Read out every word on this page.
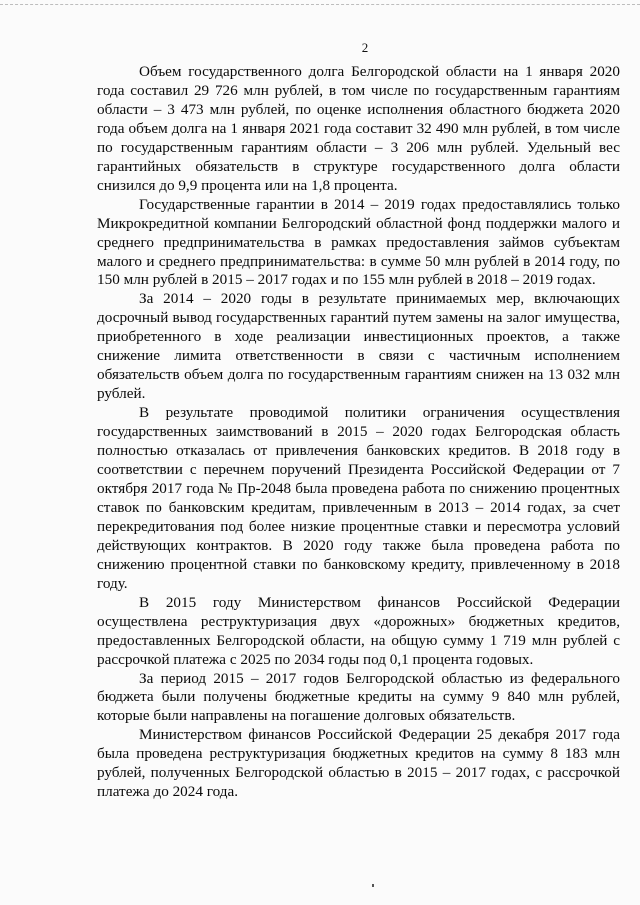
2

Объем государственного долга Белгородской области на 1 января 2020 года составил 29 726 млн рублей, в том числе по государственным гарантиям области – 3 473 млн рублей, по оценке исполнения областного бюджета 2020 года объем долга на 1 января 2021 года составит 32 490 млн рублей, в том числе по государственным гарантиям области – 3 206 млн рублей. Удельный вес гарантийных обязательств в структуре государственного долга области снизился до 9,9 процента или на 1,8 процента.

Государственные гарантии в 2014 – 2019 годах предоставлялись только Микрокредитной компании Белгородский областной фонд поддержки малого и среднего предпринимательства в рамках предоставления займов субъектам малого и среднего предпринимательства: в сумме 50 млн рублей в 2014 году, по 150 млн рублей в 2015 – 2017 годах и по 155 млн рублей в 2018 – 2019 годах.

За 2014 – 2020 годы в результате принимаемых мер, включающих досрочный вывод государственных гарантий путем замены на залог имущества, приобретенного в ходе реализации инвестиционных проектов, а также снижение лимита ответственности в связи с частичным исполнением обязательств объем долга по государственным гарантиям снижен на 13 032 млн рублей.

В результате проводимой политики ограничения осуществления государственных заимствований в 2015 – 2020 годах Белгородская область полностью отказалась от привлечения банковских кредитов. В 2018 году в соответствии с перечнем поручений Президента Российской Федерации от 7 октября 2017 года № Пр-2048 была проведена работа по снижению процентных ставок по банковским кредитам, привлеченным в 2013 – 2014 годах, за счет перекредитования под более низкие процентные ставки и пересмотра условий действующих контрактов. В 2020 году также была проведена работа по снижению процентной ставки по банковскому кредиту, привлеченному в 2018 году.

В 2015 году Министерством финансов Российской Федерации осуществлена реструктуризация двух «дорожных» бюджетных кредитов, предоставленных Белгородской области, на общую сумму 1 719 млн рублей с рассрочкой платежа с 2025 по 2034 годы под 0,1 процента годовых.

За период 2015 – 2017 годов Белгородской областью из федерального бюджета были получены бюджетные кредиты на сумму 9 840 млн рублей, которые были направлены на погашение долговых обязательств.

Министерством финансов Российской Федерации 25 декабря 2017 года была проведена реструктуризация бюджетных кредитов на сумму 8 183 млн рублей, полученных Белгородской областью в 2015 – 2017 годах, с рассрочкой платежа до 2024 года.
